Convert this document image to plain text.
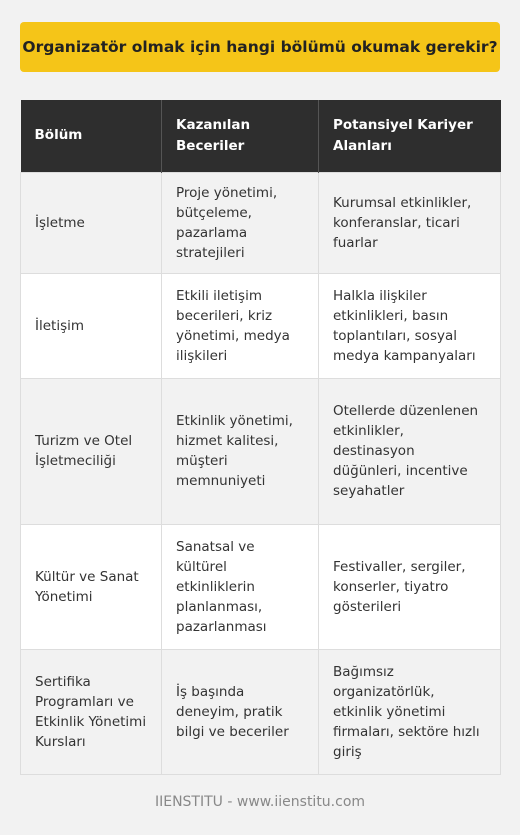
Organizatör olmak için hangi bölümü okumak gerekir?
Bölüm	Kazanılan Beceriler	Potansiyel Kariyer Alanları
İşletme	Proje yönetimi, bütçeleme, pazarlama stratejileri	Kurumsal etkinlikler, konferanslar, ticari fuarlar
İletişim	Etkili iletişim becerileri, kriz yönetimi, medya ilişkileri	Halkla ilişkiler etkinlikleri, basın toplantıları, sosyal medya kampanyaları
Turizm ve Otel İşletmeciliği	Etkinlik yönetimi, hizmet kalitesi, müşteri memnuniyeti	Otellerde düzenlenen etkinlikler, destinasyon düğünleri, incentive seyahatler
Kültür ve Sanat Yönetimi	Sanatsal ve kültürel etkinliklerin planlanması, pazarlanması	Festivaller, sergiler, konserler, tiyatro gösterileri
Sertifika Programları ve Etkinlik Yönetimi Kursları	İş başında deneyim, pratik bilgi ve beceriler	Bağımsız organizatörlük, etkinlik yönetimi firmaları, sektöre hızlı giriş
IIENSTITU - www.iienstitu.com
